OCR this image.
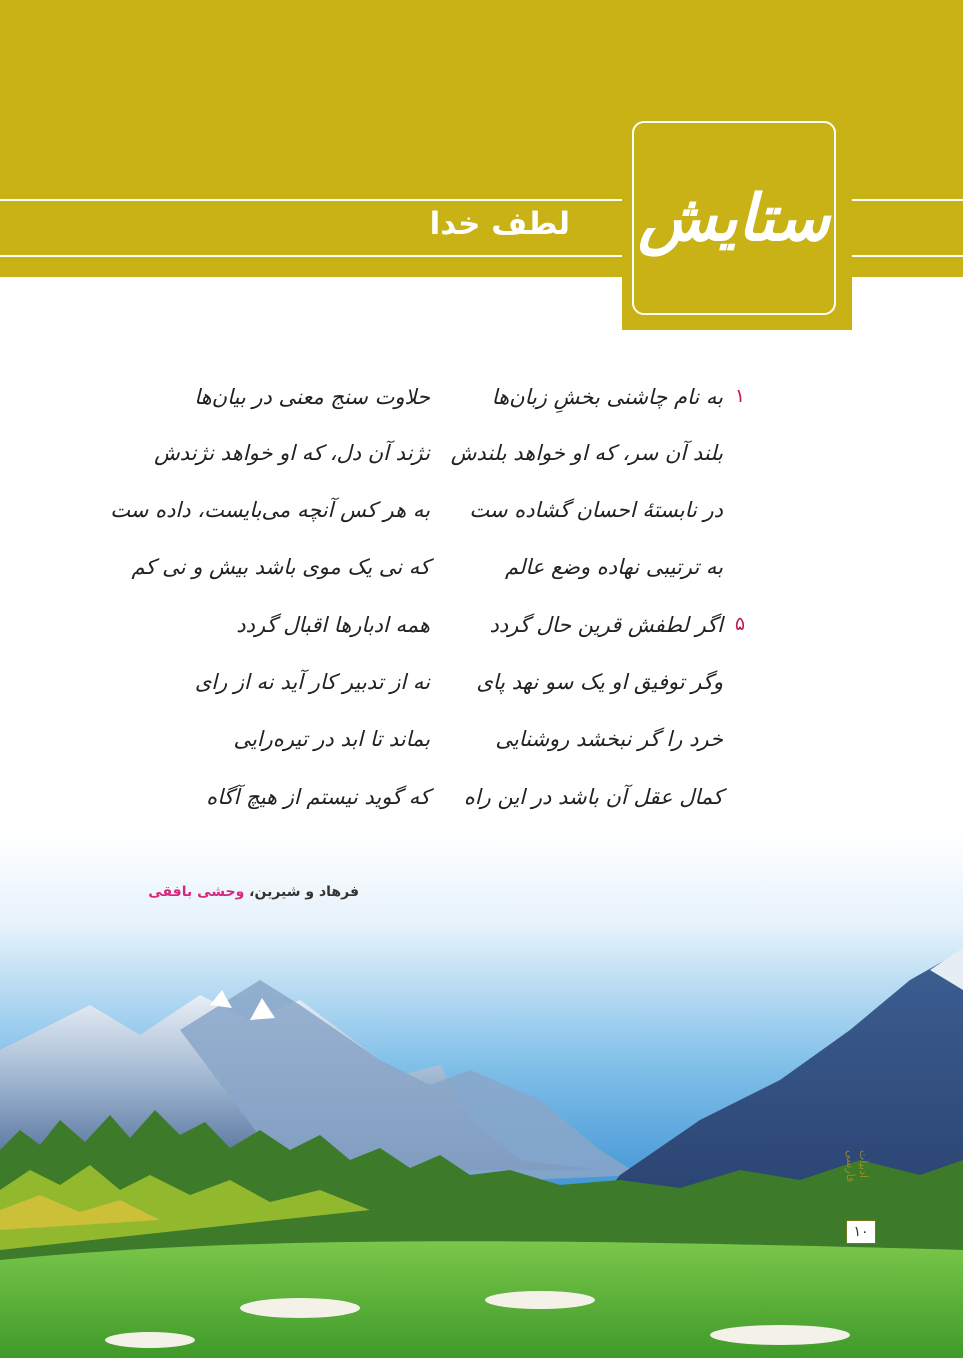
ستایش
لطف خدا
۱
به نام چاشنی بخشِ زبان‌ها
حلاوت سنج معنی در بیان‌ها
بلند آن سر، که او خواهد بلندش
نژند آن دل، که او خواهد نژندش
در نابستهٔ احسان گشاده ست
به هر کس آنچه می‌بایست، داده ست
به ترتیبی نهاده وضع عالم
که نی یک موی باشد بیش و نی کم
۵
اگر لطفش قرین حال گردد
همه ادبارها اقبال گردد
وگر توفیق او یک سو نهد پای
نه از تدبیر کار آید نه از رای
خرد را گر نبخشد روشنایی
بماند تا ابد در تیره‌رایی
کمال عقل آن باشد در این راه
که گوید نیستم از هیچ آگاه
فرهاد و شیرین، وحشی بافقی
ادبیات فارسی
۱۰
